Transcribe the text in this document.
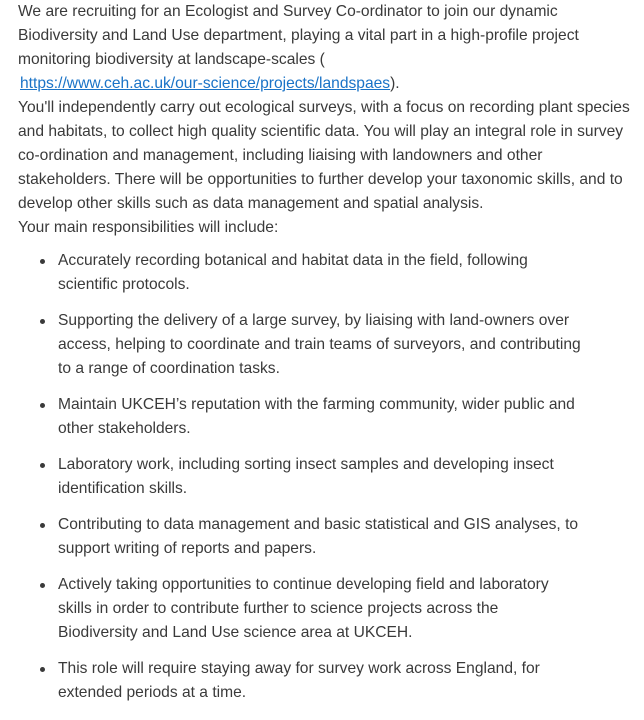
We are recruiting for an Ecologist and Survey Co-ordinator to join our dynamic Biodiversity and Land Use department, playing a vital part in a high-profile project monitoring biodiversity at landscape-scales (
https://www.ceh.ac.uk/our-science/projects/landspaes).

You'll independently carry out ecological surveys, with a focus on recording plant species and habitats, to collect high quality scientific data. You will play an integral role in survey co-ordination and management, including liaising with landowners and other stakeholders. There will be opportunities to further develop your taxonomic skills, and to develop other skills such as data management and spatial analysis.

Your main responsibilities will include:

Accurately recording botanical and habitat data in the field, following scientific protocols.
Supporting the delivery of a large survey, by liaising with land-owners over access, helping to coordinate and train teams of surveyors, and contributing to a range of coordination tasks.
Maintain UKCEH’s reputation with the farming community, wider public and other stakeholders.
Laboratory work, including sorting insect samples and developing insect identification skills.
Contributing to data management and basic statistical and GIS analyses, to support writing of reports and papers.
Actively taking opportunities to continue developing field and laboratory skills in order to contribute further to science projects across the Biodiversity and Land Use science area at UKCEH.
This role will require staying away for survey work across England, for extended periods at a time.
